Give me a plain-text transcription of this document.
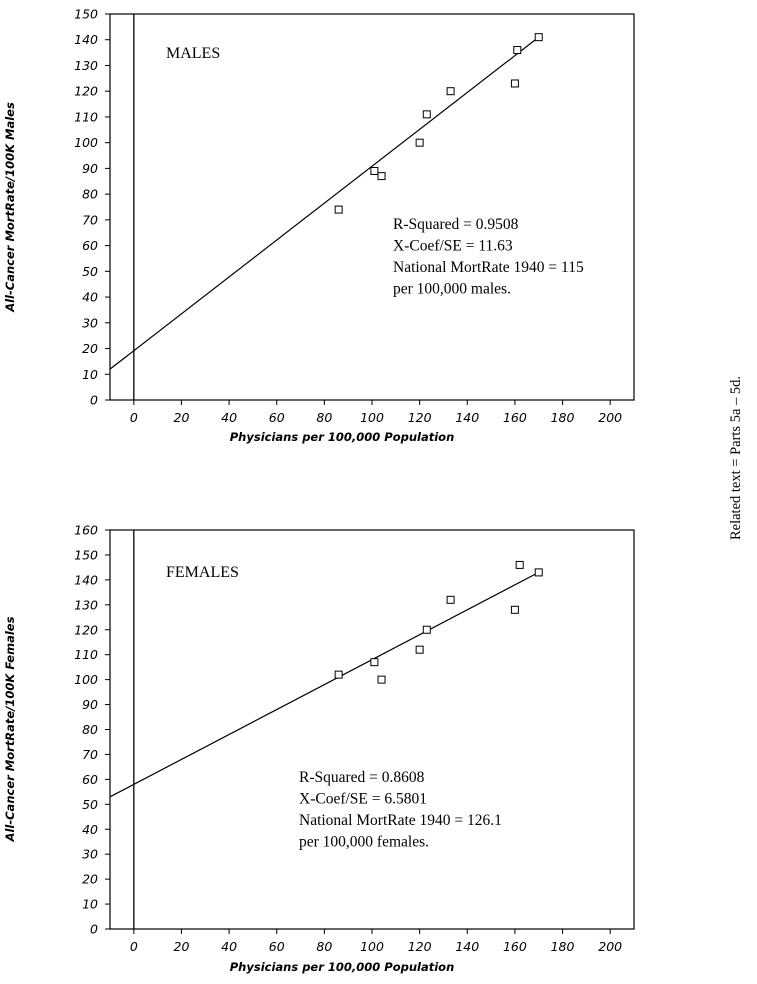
0
10
20
30
40
50
60
70
80
90
100
110
120
130
140
150
0	20	40	60	80 100 120 140 160 180 200
Physicians per 100,000 Population
All-Cancer MortRate/100K Males
MALES
R-Squared = 0.9508
X-Coef/SE = 11.63
National MortRate 1940 = 115
per 100,000 males.
0
10
20
30
40
50
60
70
80
90
100
110
120
130
140
150
160
0	20	40	60	80 100 120 140 160 180 200
Physicians per 100,000 Population
All-Cancer MortRate/100K Females
FEMALES
R-Squared = 0.8608
X-Coef/SE = 6.5801
National MortRate 1940 = 126.1
per 100,000 females.
Related text = Parts 5a – 5d.
